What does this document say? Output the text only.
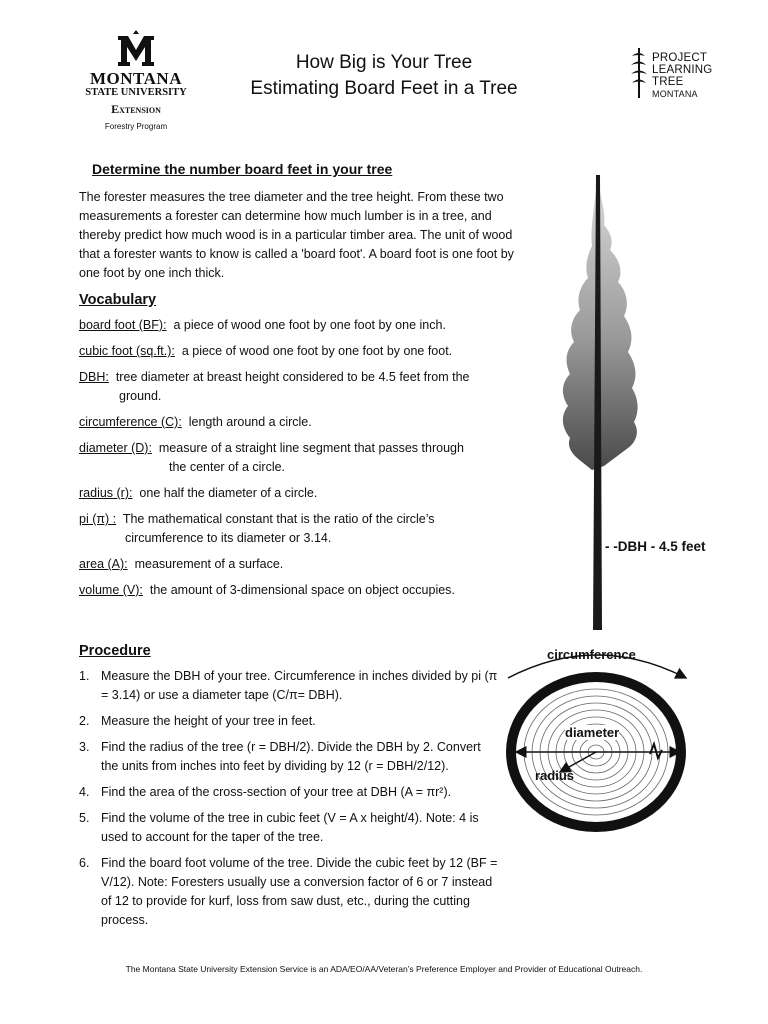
MONTANA
STATE UNIVERSITY
Extension
Forestry Program
How Big is Your Tree
Estimating Board Feet in a Tree
PROJECT
LEARNING
TREE
MONTANA
Determine the number board feet in your tree
The forester measures the tree diameter and the tree height. From these two measurements a forester can determine how much lumber is in a tree, and thereby predict how much wood is in a particular timber area. The unit of wood that a forester wants to know is called a 'board foot'. A board foot is one foot by one foot by one inch thick.
Vocabulary
board foot (BF):  a piece of wood one foot by one foot by one inch.
cubic foot (sq.ft.):  a piece of wood one foot by one foot by one foot.
DBH:  tree diameter at breast height considered to be 4.5 feet from the
ground.
circumference (C):  length around a circle.
diameter (D):  measure of a straight line segment that passes through
the center of a circle.
radius (r):  one half the diameter of a circle.
pi (π) :  The mathematical constant that is the ratio of the circle’s
circumference to its diameter or 3.14.
area (A):  measurement of a surface.
volume (V):  the amount of 3-dimensional space on object occupies.
Procedure
1. Measure the DBH of your tree. Circumference in inches divided by pi (π = 3.14) or use a diameter tape (C/π= DBH).
2. Measure the height of your tree in feet.
3. Find the radius of the tree (r = DBH/2). Divide the DBH by 2. Convert the units from inches into feet by dividing by 12 (r = DBH/2/12).
4. Find the area of the cross-section of your tree at DBH (A = πr²).
5. Find the volume of the tree in cubic feet (V = A x height/4). Note: 4 is used to account for the taper of the tree.
6. Find the board foot volume of the tree. Divide the cubic feet by 12 (BF = V/12). Note: Foresters usually use a conversion factor of 6 or 7 instead of 12 to provide for kurf, loss from saw dust, etc., during the cutting process.
- -DBH - 4.5 feet
circumference
diameter
radius
The Montana State University Extension Service is an ADA/EO/AA/Veteran’s Preference Employer and Provider of Educational Outreach.
